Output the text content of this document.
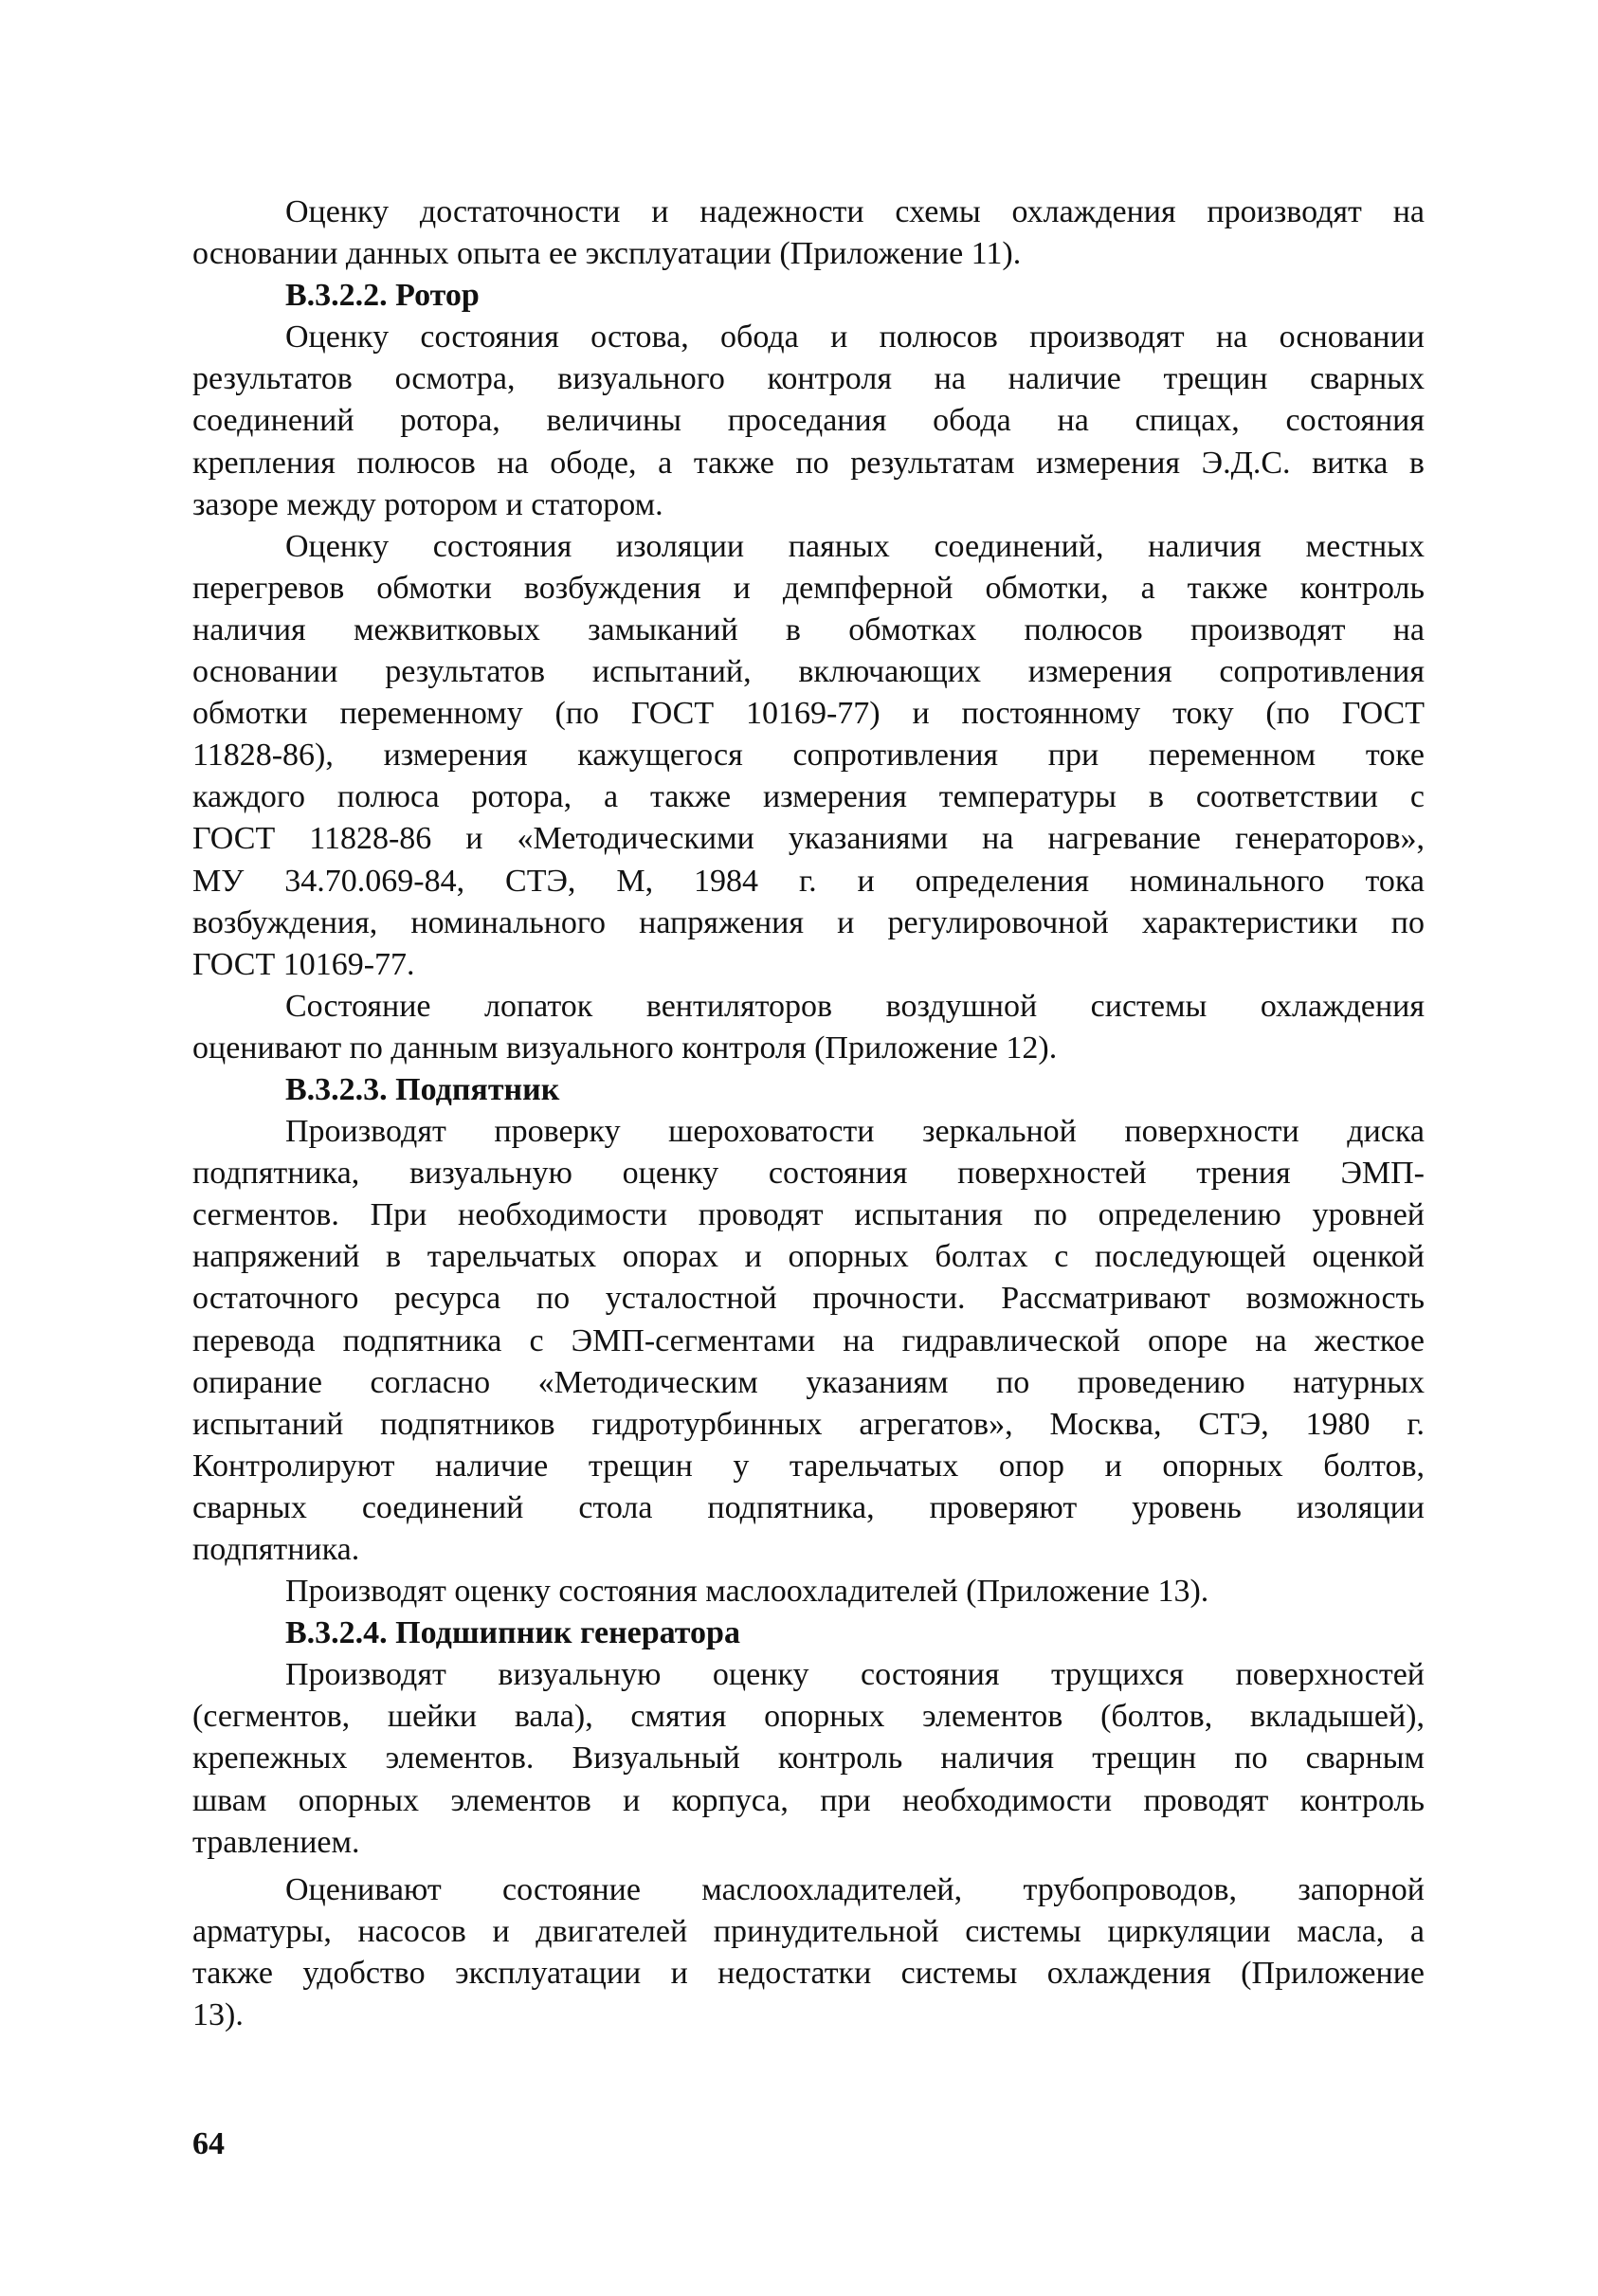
Оценку достаточности и надежности схемы охлаждения производят на
основании данных опыта ее эксплуатации (Приложение 11).
В.3.2.2. Ротор
Оценку состояния остова, обода и полюсов производят на основании
результатов осмотра, визуального контроля на наличие трещин сварных
соединений ротора, величины проседания обода на спицах, состояния
крепления полюсов на ободе, а также по результатам измерения Э.Д.С. витка в
зазоре между ротором и статором.
Оценку состояния изоляции паяных соединений, наличия местных
перегревов обмотки возбуждения и демпферной обмотки, а также контроль
наличия межвитковых замыканий в обмотках полюсов производят на
основании результатов испытаний, включающих измерения сопротивления
обмотки переменному (по ГОСТ 10169-77) и постоянному току (по ГОСТ
11828-86), измерения кажущегося сопротивления при переменном токе
каждого полюса ротора, а также измерения температуры в соответствии с
ГОСТ 11828-86 и «Методическими указаниями на нагревание генераторов»,
МУ 34.70.069-84, СТЭ, М, 1984 г. и определения номинального тока
возбуждения, номинального напряжения и регулировочной характеристики по
ГОСТ 10169-77.
Состояние лопаток вентиляторов воздушной системы охлаждения
оценивают по данным визуального контроля (Приложение 12).
В.3.2.3. Подпятник
Производят проверку шероховатости зеркальной поверхности диска
подпятника, визуальную оценку состояния поверхностей трения ЭМП-
сегментов. При необходимости проводят испытания по определению уровней
напряжений в тарельчатых опорах и опорных болтах с последующей оценкой
остаточного ресурса по усталостной прочности. Рассматривают возможность
перевода подпятника с ЭМП-сегментами на гидравлической опоре на жесткое
опирание согласно «Методическим указаниям по проведению натурных
испытаний подпятников гидротурбинных агрегатов», Москва, СТЭ, 1980 г.
Контролируют наличие трещин у тарельчатых опор и опорных болтов,
сварных соединений стола подпятника, проверяют уровень изоляции
подпятника.
Производят оценку состояния маслоохладителей (Приложение 13).
В.3.2.4. Подшипник генератора
Производят визуальную оценку состояния трущихся поверхностей
(сегментов, шейки вала), смятия опорных элементов (болтов, вкладышей),
крепежных элементов. Визуальный контроль наличия трещин по сварным
швам опорных элементов и корпуса, при необходимости проводят контроль
травлением.
Оценивают состояние маслоохладителей, трубопроводов, запорной
арматуры, насосов и двигателей принудительной системы циркуляции масла, а
также удобство эксплуатации и недостатки системы охлаждения (Приложение
13).
64
